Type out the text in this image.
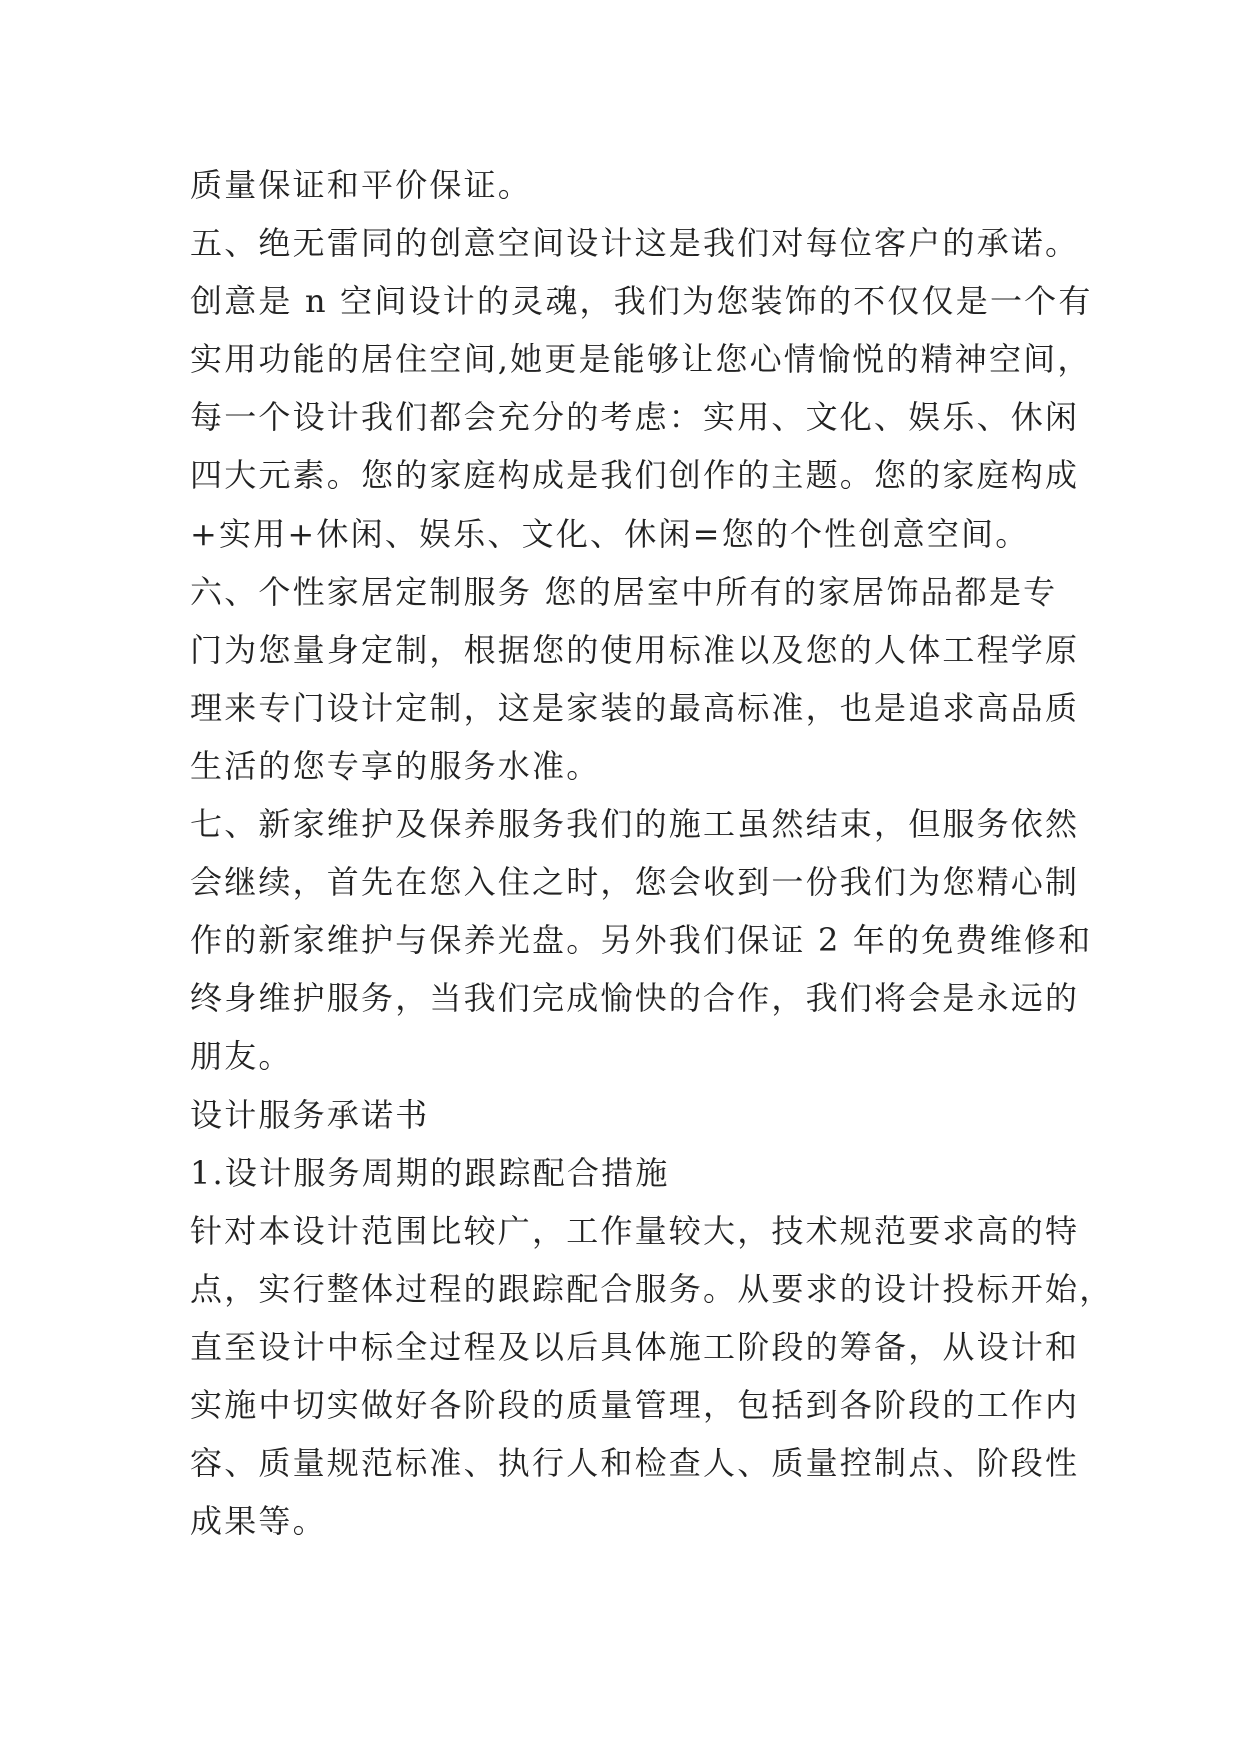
质量保证和平价保证。
五、绝无雷同的创意空间设计这是我们对每位客户的承诺。
创意是 n 空间设计的灵魂，我们为您装饰的不仅仅是一个有
实用功能的居住空间,她更是能够让您心情愉悦的精神空间，
每一个设计我们都会充分的考虑：实用、文化、娱乐、休闲
四大元素。您的家庭构成是我们创作的主题。您的家庭构成
+实用+休闲、娱乐、文化、休闲=您的个性创意空间。
六、个性家居定制服务 您的居室中所有的家居饰品都是专
门为您量身定制，根据您的使用标准以及您的人体工程学原
理来专门设计定制，这是家装的最高标准，也是追求高品质
生活的您专享的服务水准。
七、新家维护及保养服务我们的施工虽然结束，但服务依然
会继续，首先在您入住之时，您会收到一份我们为您精心制
作的新家维护与保养光盘。另外我们保证 2 年的免费维修和
终身维护服务，当我们完成愉快的合作，我们将会是永远的
朋友。
设计服务承诺书
1.设计服务周期的跟踪配合措施
针对本设计范围比较广，工作量较大，技术规范要求高的特
点，实行整体过程的跟踪配合服务。从要求的设计投标开始，
直至设计中标全过程及以后具体施工阶段的筹备，从设计和
实施中切实做好各阶段的质量管理，包括到各阶段的工作内
容、质量规范标准、执行人和检查人、质量控制点、阶段性
成果等。
